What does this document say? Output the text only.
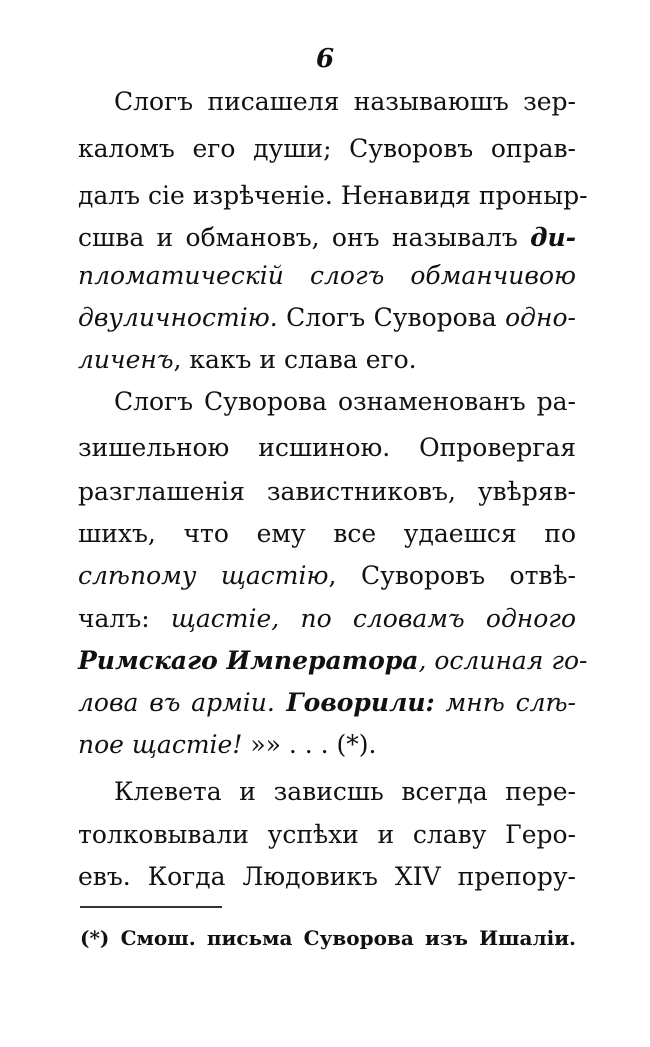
6
Слогъ писашеля называюшъ зер-
каломъ его души; Суворовъ оправ-
далъ сіе изрѣченіе. Ненавидя проныр-
сшва и обмановъ, онъ называлъ ди-
пломатическій слогъ обманчивою
двуличностію. Слогъ Суворова одно-
личенъ, какъ и слава его.
Слогъ Суворова ознаменованъ ра-
зишельною исшиною. Опровергая
разглашенія завистниковъ, увѣряв-
шихъ, что ему все удаешся по
слѣпому щастію, Суворовъ отвѣ-
чалъ: щастіе, по словамъ одного
Римскаго Императора, ослиная го-
лова въ арміи. Говорили: мнѣ слѣ-
пое щастіе! »» . . . (*).
Клевета и зависшь всегда пере-
толковывали успѣхи и славу Геро-
евъ. Когда Людовикъ XIV препору-
(*) Смош. письма Суворова изъ Ишаліи.
